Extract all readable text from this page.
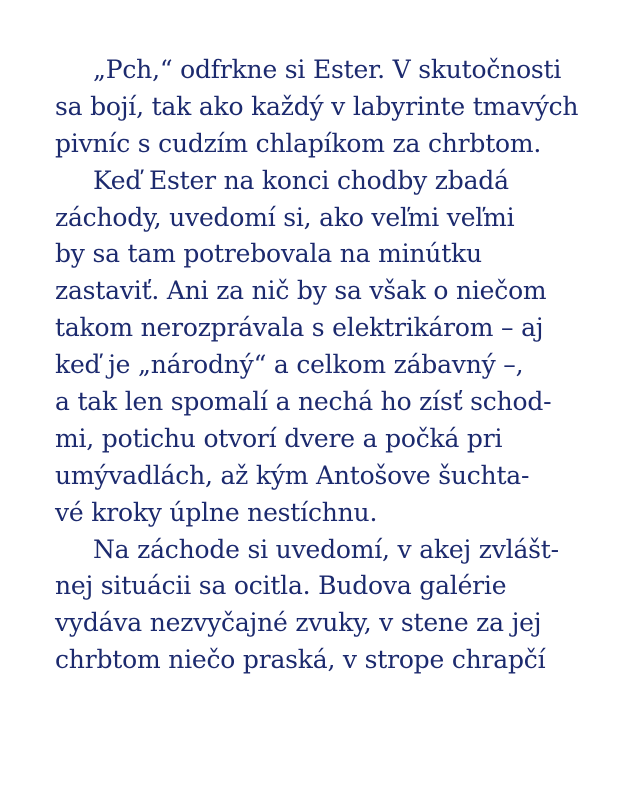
„Pch,“ odfrkne si Ester. V skutočnosti
sa bojí, tak ako každý v labyrinte tmavých
pivníc s cudzím chlapíkom za chrbtom.
Keď Ester na konci chodby zbadá
záchody, uvedomí si, ako veľmi veľmi
by sa tam potrebovala na minútku
zastaviť. Ani za nič by sa však o niečom
takom nerozprávala s elektrikárom – aj
keď je „národný“ a celkom zábavný –,
a tak len spomalí a nechá ho zísť schod-
mi, potichu otvorí dvere a počká pri
umývadlách, až kým Antošove šuchta-
vé kroky úplne nestíchnu.
Na záchode si uvedomí, v akej zvlášt-
nej situácii sa ocitla. Budova galérie
vydáva nezvyčajné zvuky, v stene za jej
chrbtom niečo praská, v strope chrapčí
